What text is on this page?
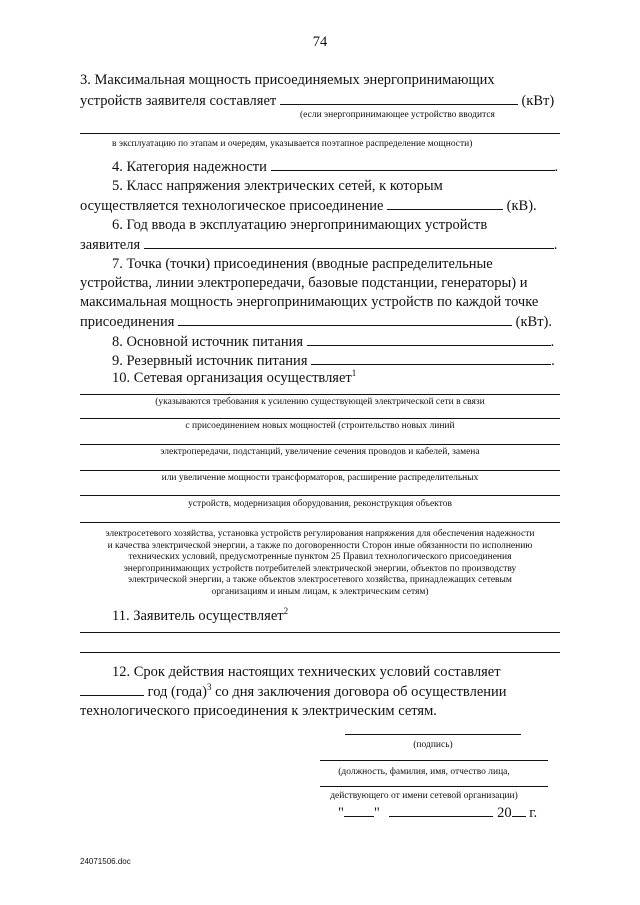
74
3. Максимальная мощность присоединяемых энергопринимающих
устройств заявителя составляет	(кВт)
(если энергопринимающее устройство вводится
в эксплуатацию по этапам и очередям, указывается поэтапное распределение мощности)
4. Категория надежности	.
5. Класс напряжения электрических сетей, к которым
осуществляется технологическое присоединение	(кВ).
6. Год ввода в эксплуатацию энергопринимающих устройств
заявителя	.
7. Точка (точки) присоединения (вводные распределительные
устройства, линии электропередачи, базовые подстанции, генераторы) и
максимальная мощность энергопринимающих устройств по каждой точке
присоединения	(кВт).
8. Основной источник питания	.
9. Резервный источник питания	.
10. Сетевая организация осуществляет$^1$
(указываются требования к усилению существующей электрической сети в связи
с присоединением новых мощностей (строительство новых линий
электропередачи, подстанций, увеличение сечения проводов и кабелей, замена
или увеличение мощности трансформаторов, расширение распределительных
устройств, модернизация оборудования, реконструкция объектов
электросетевого хозяйства, установка устройств регулирования напряжения для обеспечения надежности
и качества электрической энергии, а также по договоренности Сторон иные обязанности по исполнению
технических условий, предусмотренные пунктом 25 Правил технологического присоединения
энергопринимающих устройств потребителей электрической энергии, объектов по производству
электрической энергии, а также объектов электросетевого хозяйства, принадлежащих сетевым
организациям и иным лицам, к электрическим сетям)
11. Заявитель осуществляет$^2$
12. Срок действия настоящих технических условий составляет
год (года)$^3$ со дня заключения договора об осуществлении
технологического присоединения к электрическим сетям.
(подпись)
(должность, фамилия, имя, отчество лица,
действующего от имени сетевой организации)
" "	20 г.
24071506.doc
